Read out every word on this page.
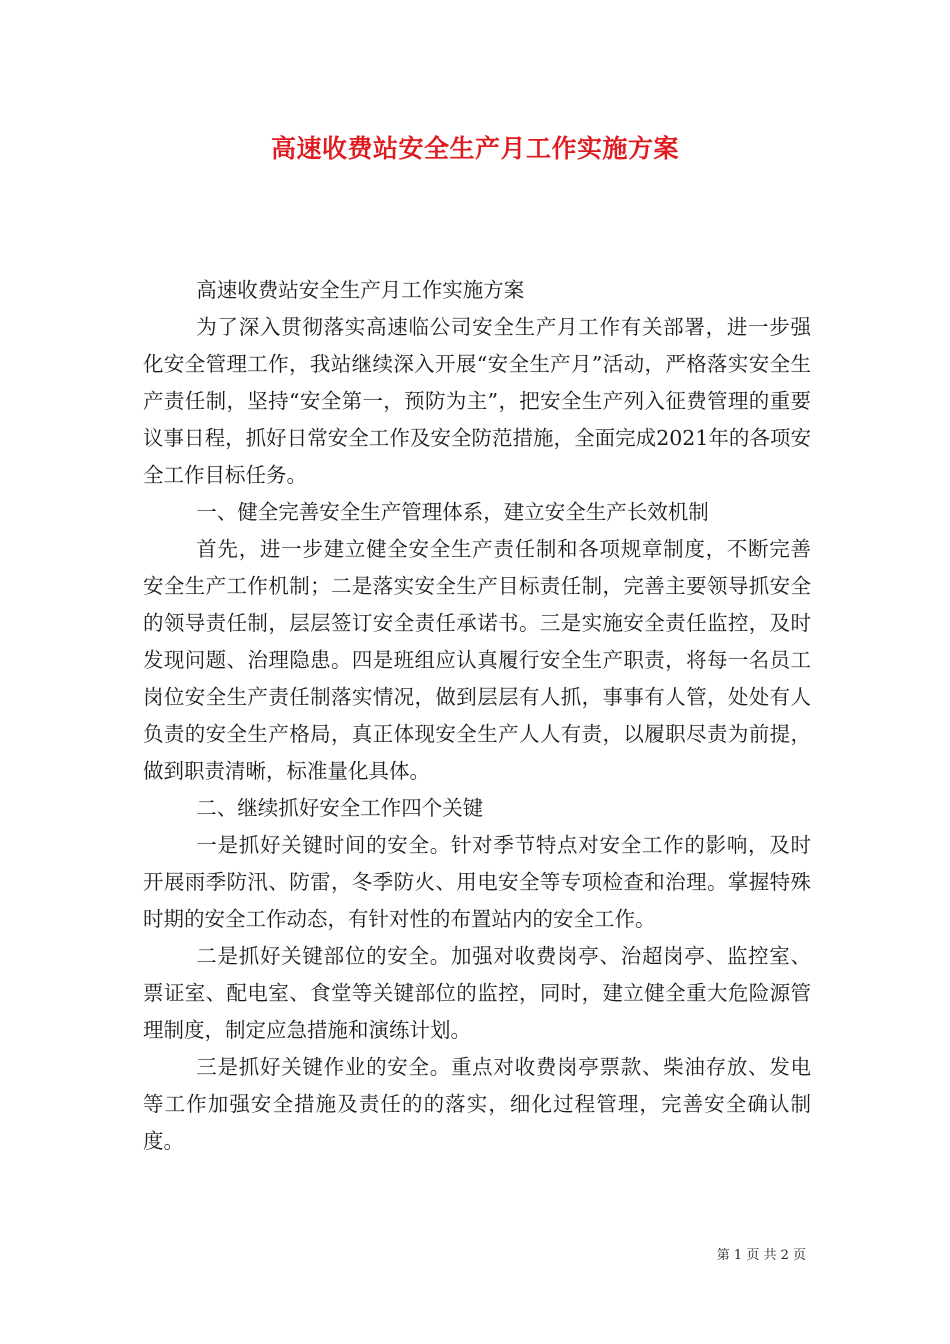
高速收费站安全生产月工作实施方案

高速收费站安全生产月工作实施方案

为了深入贯彻落实高速临公司安全生产月工作有关部署，进一步强化安全管理工作，我站继续深入开展“安全生产月”活动，严格落实安全生产责任制，坚持“安全第一，预防为主”，把安全生产列入征费管理的重要议事日程，抓好日常安全工作及安全防范措施，全面完成2021年的各项安全工作目标任务。

一、健全完善安全生产管理体系，建立安全生产长效机制

首先，进一步建立健全安全生产责任制和各项规章制度，不断完善安全生产工作机制；二是落实安全生产目标责任制，完善主要领导抓安全的领导责任制，层层签订安全责任承诺书。三是实施安全责任监控，及时发现问题、治理隐患。四是班组应认真履行安全生产职责，将每一名员工岗位安全生产责任制落实情况，做到层层有人抓，事事有人管，处处有人负责的安全生产格局，真正体现安全生产人人有责，以履职尽责为前提，做到职责清晰，标准量化具体。

二、继续抓好安全工作四个关键

一是抓好关键时间的安全。针对季节特点对安全工作的影响，及时开展雨季防汛、防雷，冬季防火、用电安全等专项检查和治理。掌握特殊时期的安全工作动态，有针对性的布置站内的安全工作。

二是抓好关键部位的安全。加强对收费岗亭、治超岗亭、监控室、票证室、配电室、食堂等关键部位的监控，同时，建立健全重大危险源管理制度，制定应急措施和演练计划。

三是抓好关键作业的安全。重点对收费岗亭票款、柴油存放、发电等工作加强安全措施及责任的的落实，细化过程管理，完善安全确认制度。

第 1 页 共 2 页
